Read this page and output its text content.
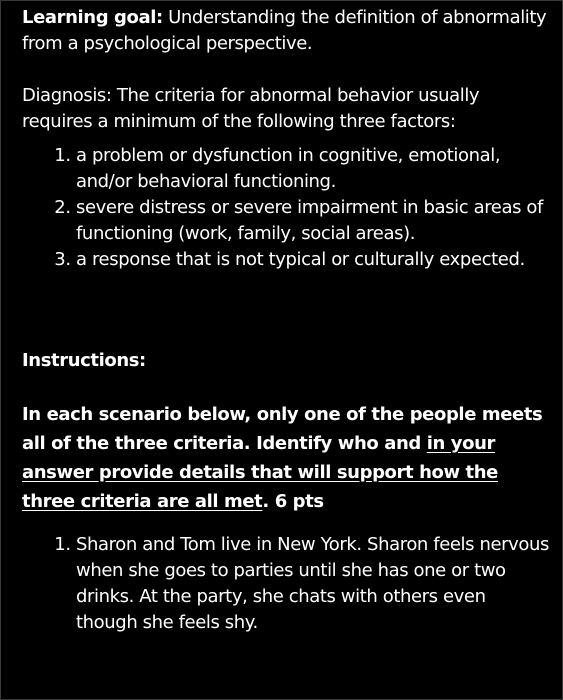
Learning goal: Understanding the definition of abnormality from a psychological perspective.

Diagnosis: The criteria for abnormal behavior usually requires a minimum of the following three factors:

1. a problem or dysfunction in cognitive, emotional, and/or behavioral functioning.
2. severe distress or severe impairment in basic areas of functioning (work, family, social areas).
3. a response that is not typical or culturally expected.

Instructions:

In each scenario below, only one of the people meets all of the three criteria. Identify who and in your answer provide details that will support how the three criteria are all met. 6 pts

1. Sharon and Tom live in New York. Sharon feels nervous when she goes to parties until she has one or two drinks. At the party, she chats with others even though she feels shy.
